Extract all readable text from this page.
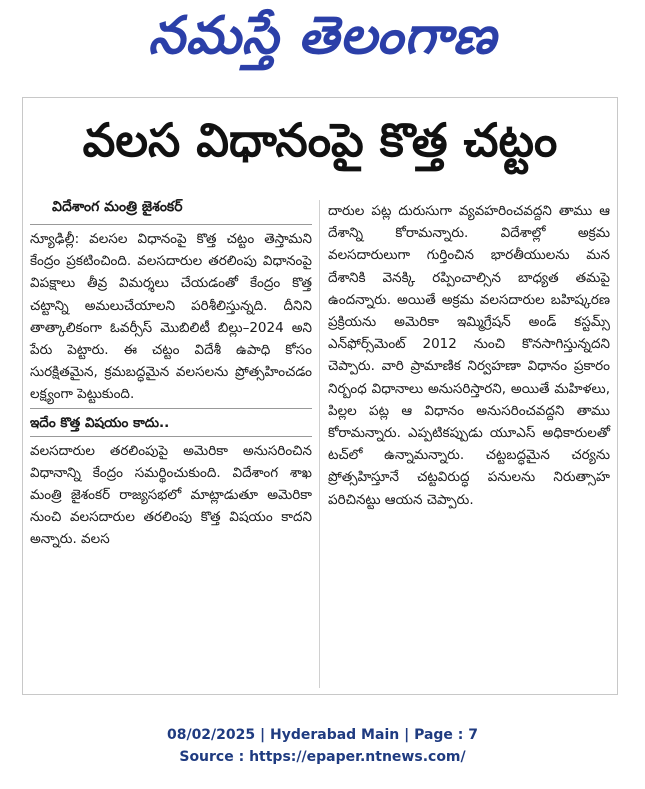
నమస్తే తెలంగాణ
వలస విధానంపై కొత్త చట్టం
విదేశాంగ మంత్రి జైశంకర్

న్యూఢిల్లీ: వలసల విధానంపై కొత్త చట్టం తెస్తామని కేంద్రం ప్రకటించింది. వలసదారుల తరలింపు విధానంపై విపక్షాలు తీవ్ర విమర్శలు చేయడంతో కేంద్రం కొత్త చట్టాన్ని అమలుచేయాలని పరిశీలిస్తున్నది. దీనిని తాత్కాలికంగా ఓవర్సీస్ మొబిలిటీ బిల్లు–2024 అని పేరు పెట్టారు. ఈ చట్టం విదేశీ ఉపాధి కోసం సురక్షితమైన, క్రమబద్ధమైన వలసలను ప్రోత్సహించడం లక్ష్యంగా పెట్టుకుంది.

ఇదేం కొత్త విషయం కాదు..

వలసదారుల తరలింపుపై అమెరికా అనుసరించిన విధానాన్ని కేంద్రం సమర్థించుకుంది. విదేశాంగ శాఖ మంత్రి జైశంకర్ రాజ్యసభలో మాట్లాడుతూ అమెరికా నుంచి వలసదారుల తరలింపు కొత్త విషయం కాదని అన్నారు. వలస

దారుల పట్ల దురుసుగా వ్యవహరించవద్దని తాము ఆ దేశాన్ని కోరామన్నారు. విదేశాల్లో అక్రమ వలసదారులుగా గుర్తించిన భారతీయులను మన దేశానికి వెనక్కి రప్పించాల్సిన బాధ్యత తమపై ఉందన్నారు. అయితే అక్రమ వలసదారుల బహిష్కరణ ప్రక్రియను అమెరికా ఇమ్మిగ్రేషన్ అండ్ కస్టమ్స్ ఎన్‌ఫోర్స్‌మెంట్ 2012 నుంచి కొనసాగిస్తున్నదని చెప్పారు. వారి ప్రామాణిక నిర్వహణా విధానం ప్రకారం నిర్బంధ విధానాలు అనుసరిస్తారని, అయితే మహిళలు, పిల్లల పట్ల ఆ విధానం అనుసరించవద్దని తాము కోరామన్నారు. ఎప్పటికప్పుడు యూఎస్ అధికారులతో టచ్‌లో ఉన్నామన్నారు. చట్టబద్ధమైన చర్యను ప్రోత్సహిస్తూనే చట్టవిరుద్ధ పనులను నిరుత్సాహ పరిచినట్టు ఆయన చెప్పారు.

08/02/2025 | Hyderabad Main | Page : 7
Source : https://epaper.ntnews.com/
